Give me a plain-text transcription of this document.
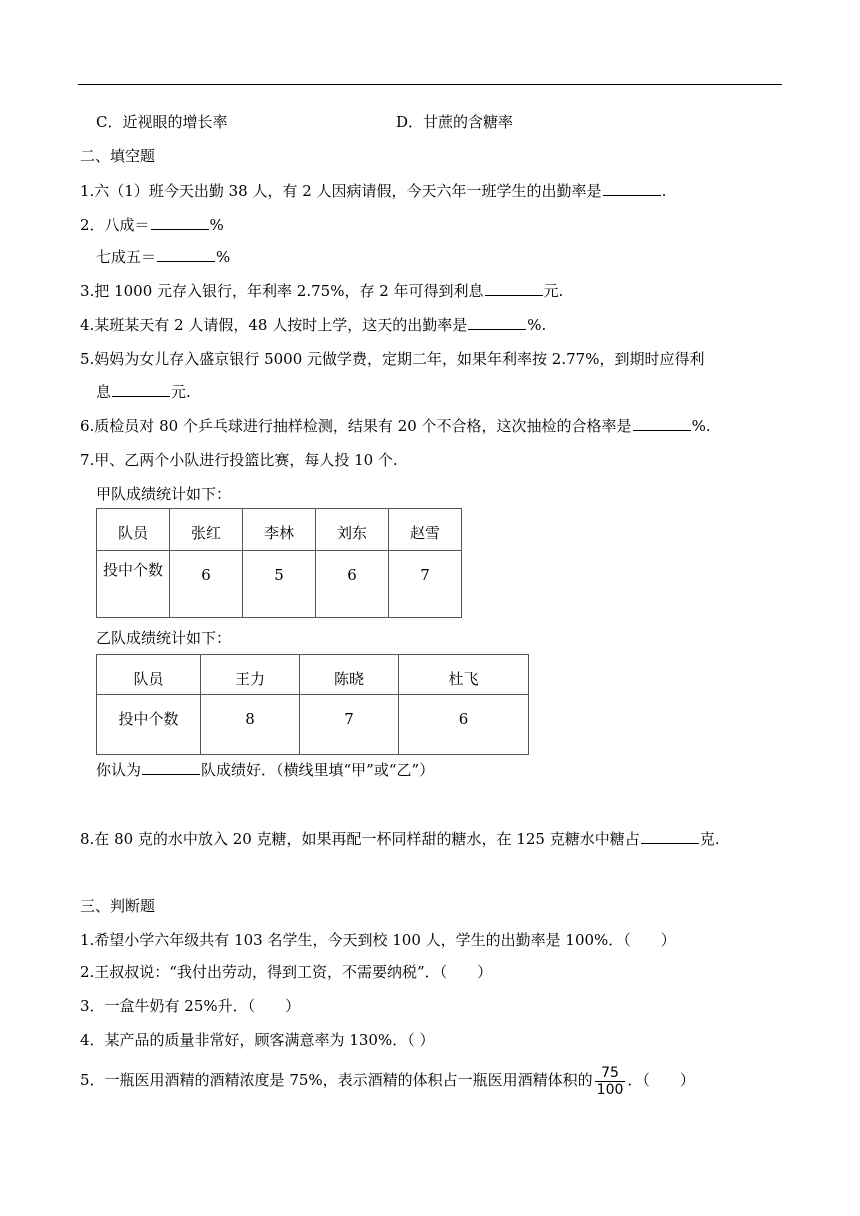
C．近视眼的增长率	D．甘蔗的含糖率
二、填空题
1.六（1）班今天出勤 38 人，有 2 人因病请假，今天六年一班学生的出勤率是	.
2．八成＝	%
七成五＝	%
3.把 1000 元存入银行，年利率 2.75%，存 2 年可得到利息	元.
4.某班某天有 2 人请假，48 人按时上学，这天的出勤率是	%.
5.妈妈为女儿存入盛京银行 5000 元做学费，定期二年，如果年利率按 2.77%，到期时应得利
息	元.
6.质检员对 80 个乒乓球进行抽样检测，结果有 20 个不合格，这次抽检的合格率是	%.
7.甲、乙两个小队进行投篮比赛，每人投 10 个.
甲队成绩统计如下：
队员	张红	李林	刘东	赵雪
投中个数	6	5	6	7
乙队成绩统计如下：
队员	王力	陈晓	杜飞
投中个数	8	7	6
你认为	队成绩好．（横线里填“甲”或“乙”）
8.在 80 克的水中放入 20 克糖，如果再配一杯同样甜的糖水，在 125 克糖水中糖占	克.
三、判断题
1.希望小学六年级共有 103 名学生，今天到校 100 人，学生的出勤率是 100%．（　　）
2.王叔叔说：“我付出劳动，得到工资，不需要纳税”．（　　）
3．一盒牛奶有 25%升．（　　）
4．某产品的质量非常好，顾客满意率为 130%．（ ）
5．一瓶医用酒精的酒精浓度是 75%，表示酒精的体积占一瓶医用酒精体积的 $\frac{75}{100}$ ．（　　）
